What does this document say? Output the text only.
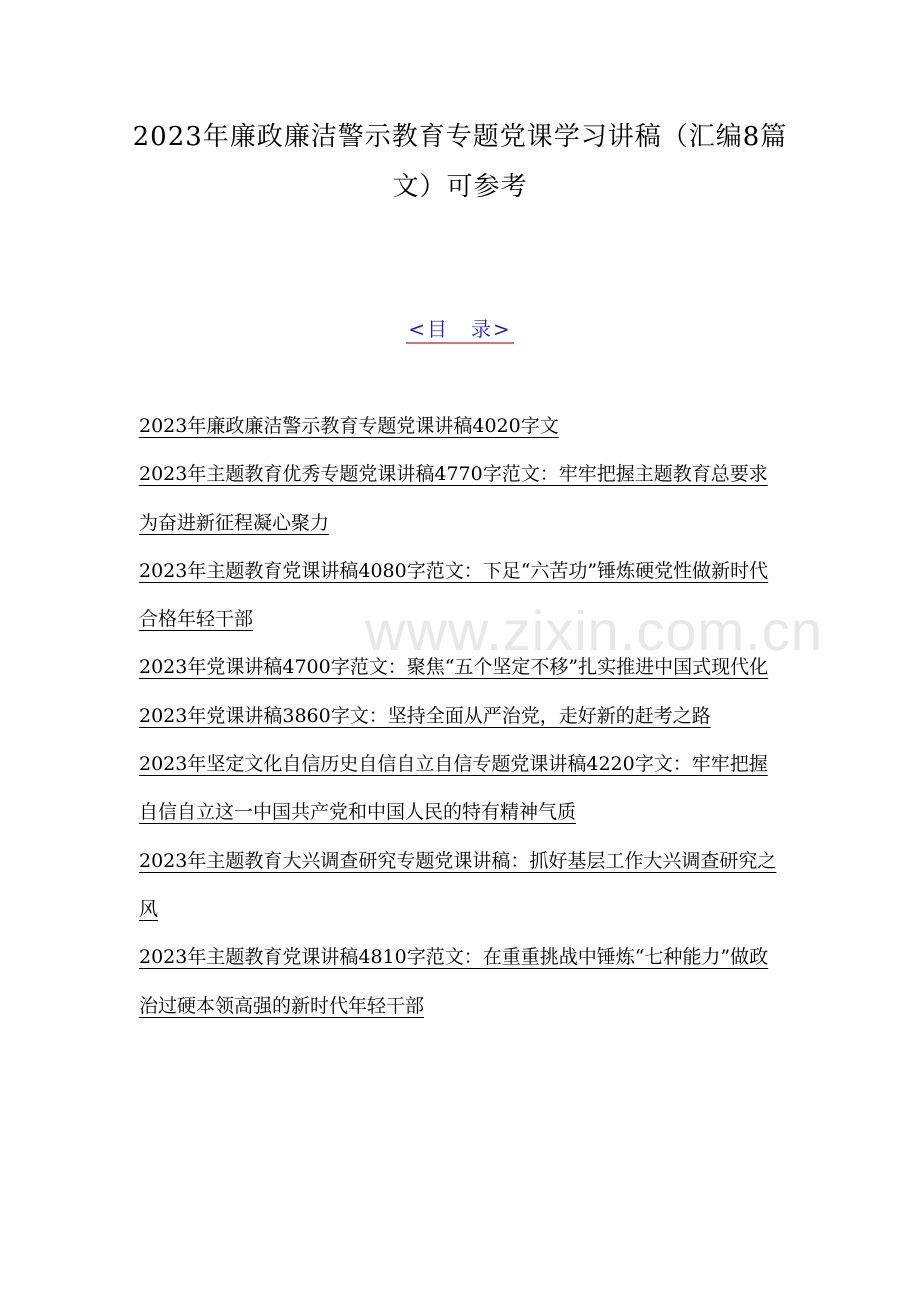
2023年廉政廉洁警示教育专题党课学习讲稿（汇编8篇文）可参考
<目　录>
2023年廉政廉洁警示教育专题党课讲稿4020字文
2023年主题教育优秀专题党课讲稿4770字范文：牢牢把握主题教育总要求为奋进新征程凝心聚力
2023年主题教育党课讲稿4080字范文：下足“六苦功”锤炼硬党性做新时代合格年轻干部
2023年党课讲稿4700字范文：聚焦“五个坚定不移”扎实推进中国式现代化
2023年党课讲稿3860字文：坚持全面从严治党，走好新的赶考之路
2023年坚定文化自信历史自信自立自信专题党课讲稿4220字文：牢牢把握自信自立这一中国共产党和中国人民的特有精神气质
2023年主题教育大兴调查研究专题党课讲稿：抓好基层工作大兴调查研究之风
2023年主题教育党课讲稿4810字范文：在重重挑战中锤炼“七种能力”做政治过硬本领高强的新时代年轻干部
www.zixin.com.cn
